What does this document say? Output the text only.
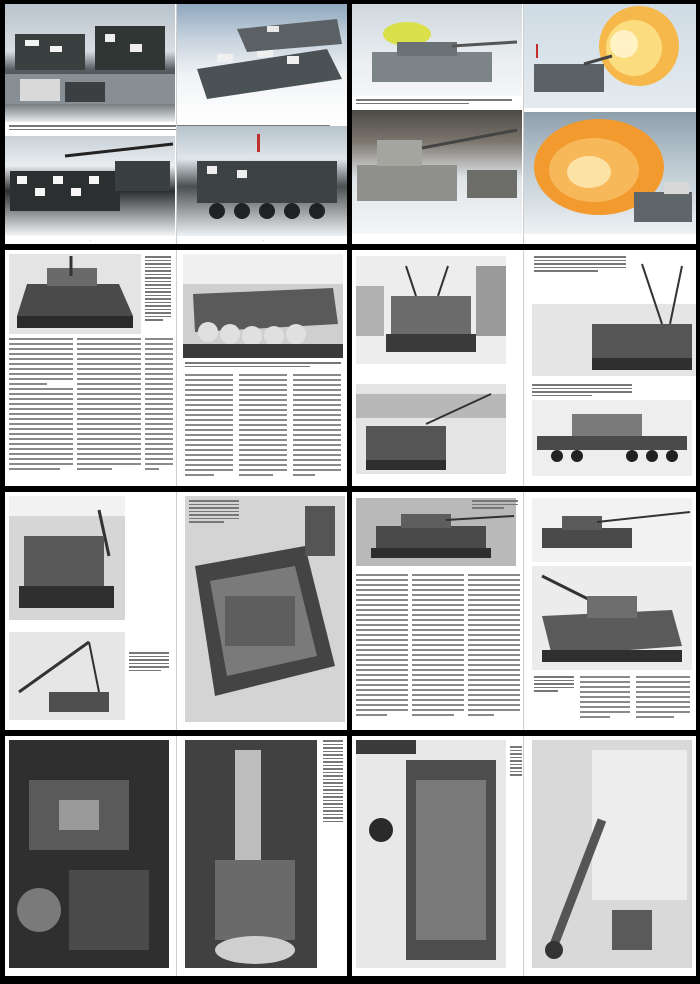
·	·
